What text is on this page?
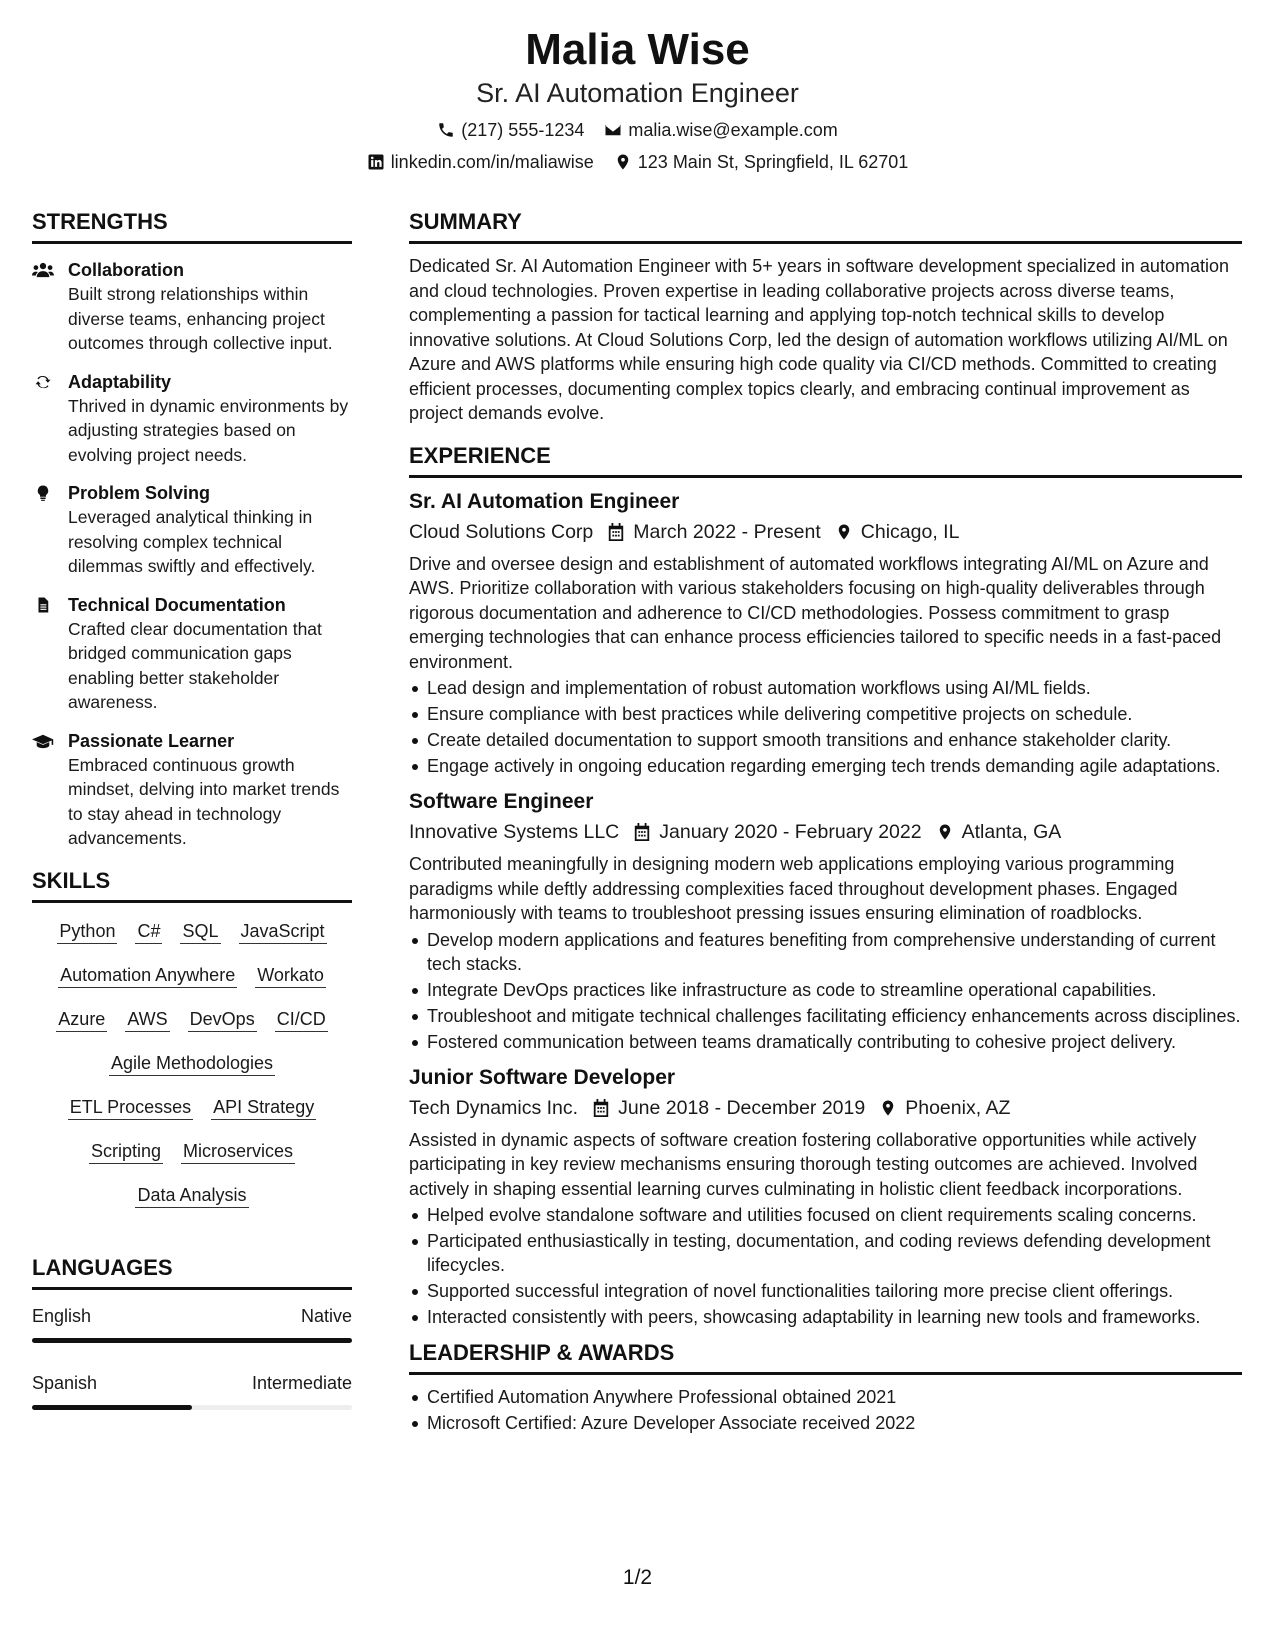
Malia Wise
Sr. AI Automation Engineer
(217) 555-1234 malia.wise@example.com
linkedin.com/in/maliawise 123 Main St, Springfield, IL 62701
STRENGTHS
Collaboration
Built strong relationships within diverse teams, enhancing project outcomes through collective input.
Adaptability
Thrived in dynamic environments by adjusting strategies based on evolving project needs.
Problem Solving
Leveraged analytical thinking in resolving complex technical dilemmas swiftly and effectively.
Technical Documentation
Crafted clear documentation that bridged communication gaps enabling better stakeholder awareness.
Passionate Learner
Embraced continuous growth mindset, delving into market trends to stay ahead in technology advancements.
SKILLS
Python C# SQL JavaScript
Automation Anywhere Workato
Azure AWS DevOps CI/CD
Agile Methodologies
ETL Processes API Strategy
Scripting Microservices
Data Analysis
LANGUAGES
English	Native
Spanish	Intermediate
SUMMARY
Dedicated Sr. AI Automation Engineer with 5+ years in software development specialized in automation and cloud technologies. Proven expertise in leading collaborative projects across diverse teams, complementing a passion for tactical learning and applying top-notch technical skills to develop innovative solutions. At Cloud Solutions Corp, led the design of automation workflows utilizing AI/ML on Azure and AWS platforms while ensuring high code quality via CI/CD methods. Committed to creating efficient processes, documenting complex topics clearly, and embracing continual improvement as project demands evolve.
EXPERIENCE
Sr. AI Automation Engineer
Cloud Solutions Corp March 2022 - Present Chicago, IL
Drive and oversee design and establishment of automated workflows integrating AI/ML on Azure and AWS. Prioritize collaboration with various stakeholders focusing on high-quality deliverables through rigorous documentation and adherence to CI/CD methodologies. Possess commitment to grasp emerging technologies that can enhance process efficiencies tailored to specific needs in a fast-paced environment.
Lead design and implementation of robust automation workflows using AI/ML fields.
Ensure compliance with best practices while delivering competitive projects on schedule.
Create detailed documentation to support smooth transitions and enhance stakeholder clarity.
Engage actively in ongoing education regarding emerging tech trends demanding agile adaptations.
Software Engineer
Innovative Systems LLC January 2020 - February 2022 Atlanta, GA
Contributed meaningfully in designing modern web applications employing various programming paradigms while deftly addressing complexities faced throughout development phases. Engaged harmoniously with teams to troubleshoot pressing issues ensuring elimination of roadblocks.
Develop modern applications and features benefiting from comprehensive understanding of current tech stacks.
Integrate DevOps practices like infrastructure as code to streamline operational capabilities.
Troubleshoot and mitigate technical challenges facilitating efficiency enhancements across disciplines.
Fostered communication between teams dramatically contributing to cohesive project delivery.
Junior Software Developer
Tech Dynamics Inc. June 2018 - December 2019 Phoenix, AZ
Assisted in dynamic aspects of software creation fostering collaborative opportunities while actively participating in key review mechanisms ensuring thorough testing outcomes are achieved. Involved actively in shaping essential learning curves culminating in holistic client feedback incorporations.
Helped evolve standalone software and utilities focused on client requirements scaling concerns.
Participated enthusiastically in testing, documentation, and coding reviews defending development lifecycles.
Supported successful integration of novel functionalities tailoring more precise client offerings.
Interacted consistently with peers, showcasing adaptability in learning new tools and frameworks.
LEADERSHIP & AWARDS
Certified Automation Anywhere Professional obtained 2021
Microsoft Certified: Azure Developer Associate received 2022
1/2
